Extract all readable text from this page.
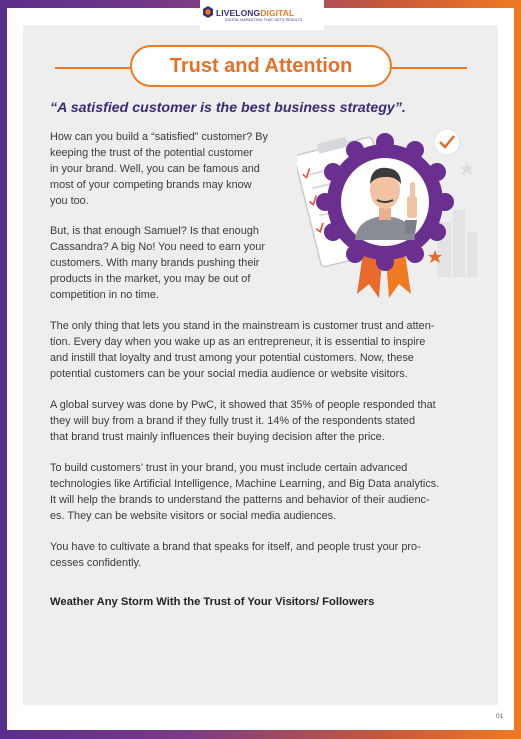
LIVELONGDIGITAL
DIGITAL MARKETING THAT GETS RESULTS
Trust and Attention
“A satisfied customer is the best business strategy”.
How can you build a “satisfied” customer? By
keeping the trust of the potential customer
in your brand. Well, you can be famous and
most of your competing brands may know
you too.
But, is that enough Samuel? Is that enough
Cassandra? A big No! You need to earn your
customers. With many brands pushing their
products in the market, you may be out of
competition in no time.
The only thing that lets you stand in the mainstream is customer trust and atten-
tion. Every day when you wake up as an entrepreneur, it is essential to inspire
and instill that loyalty and trust among your potential customers. Now, these
potential customers can be your social media audience or website visitors.
A global survey was done by PwC, it showed that 35% of people responded that
they will buy from a brand if they fully trust it. 14% of the respondents stated
that brand trust mainly influences their buying decision after the price.
To build customers’ trust in your brand, you must include certain advanced
technologies like Artificial Intelligence, Machine Learning, and Big Data analytics.
It will help the brands to understand the patterns and behavior of their audienc-
es. They can be website visitors or social media audiences.
You have to cultivate a brand that speaks for itself, and people trust your pro-
cesses confidently.
Weather Any Storm With the Trust of Your Visitors/ Followers
01
